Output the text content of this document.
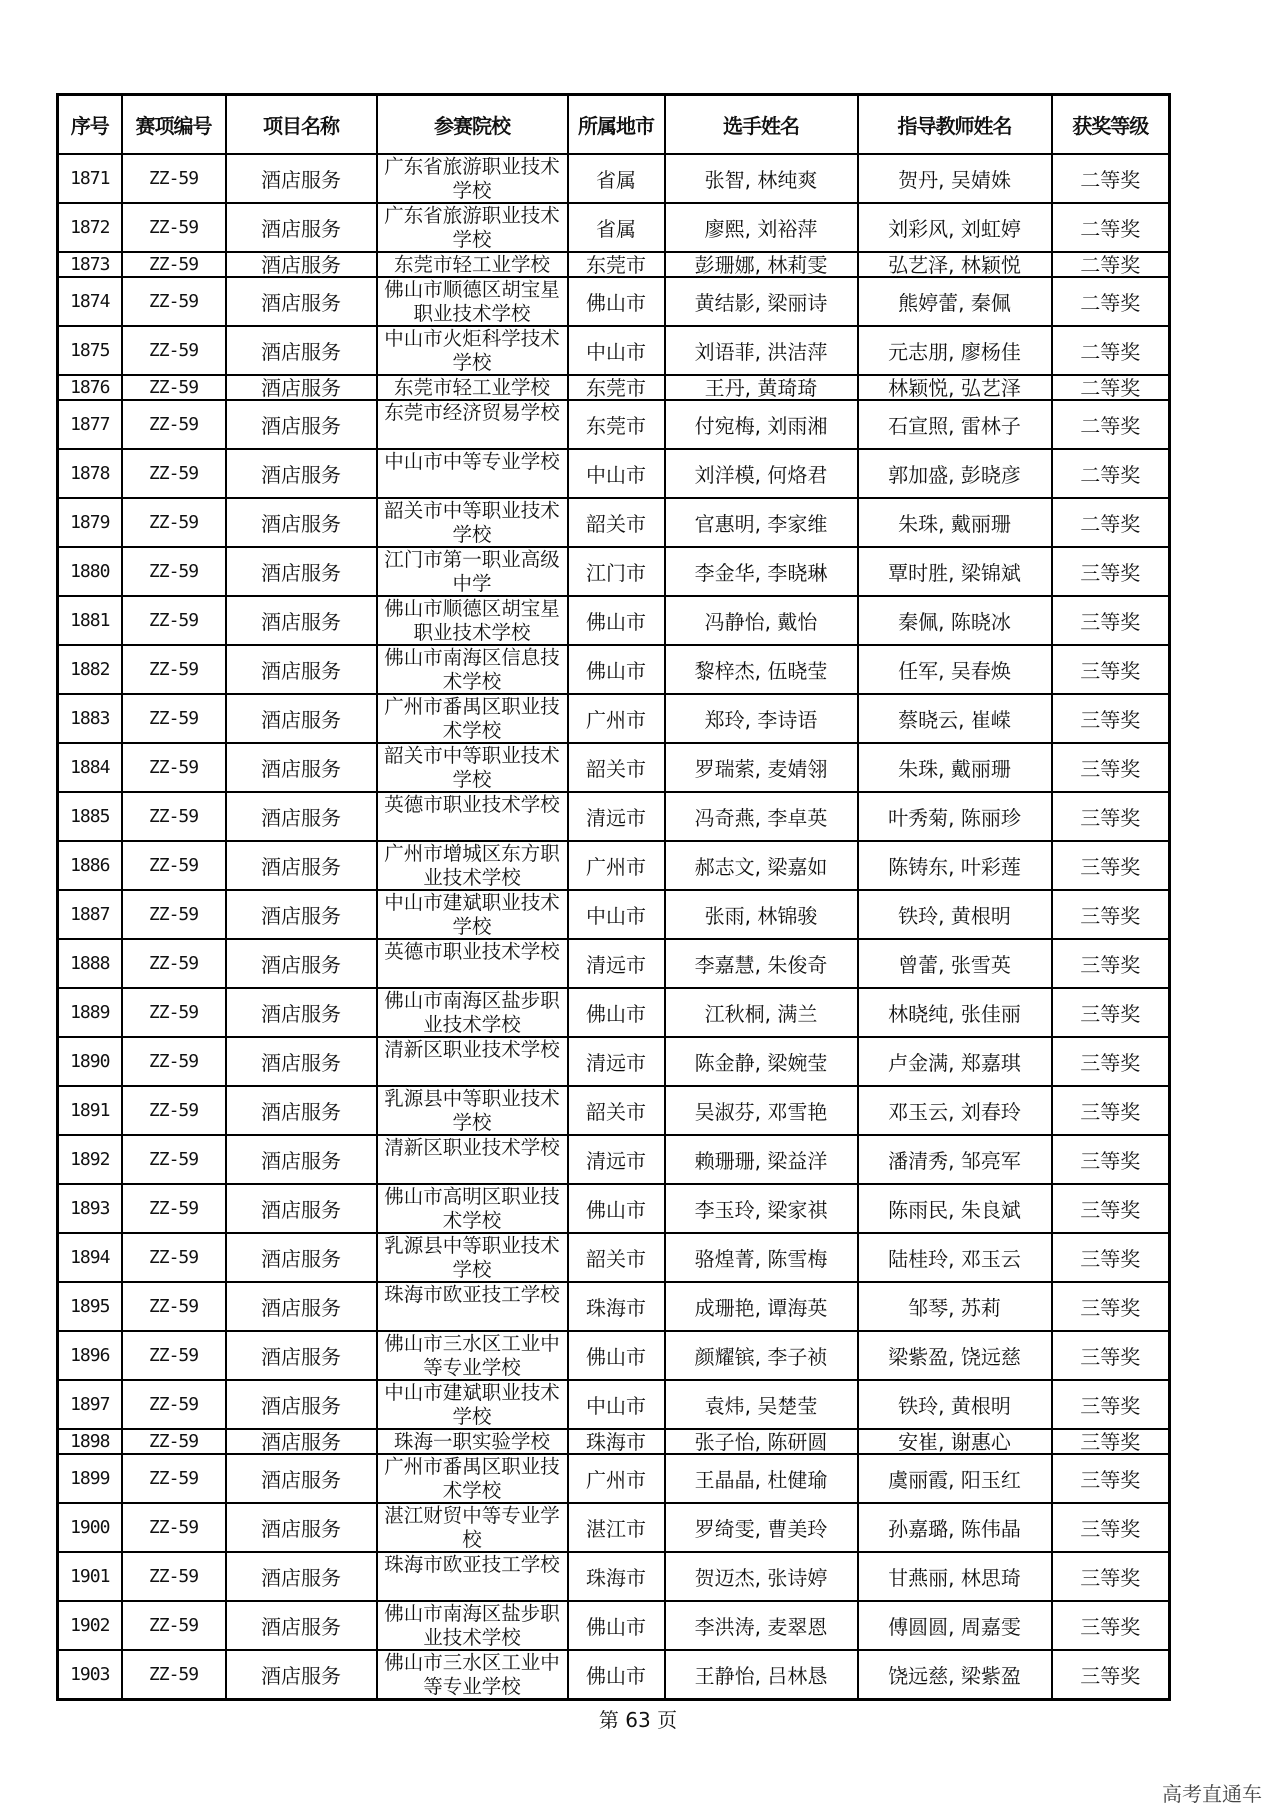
序号	赛项编号	项目名称	参赛院校	所属地市	选手姓名	指导教师姓名	获奖等级
1871	ZZ-59	酒店服务	广东省旅游职业技术学校	省属	张智, 林纯爽	贺丹, 吴婧姝	二等奖
1872	ZZ-59	酒店服务	广东省旅游职业技术学校	省属	廖熙, 刘裕萍	刘彩风, 刘虹婷	二等奖
1873	ZZ-59	酒店服务	东莞市轻工业学校	东莞市	彭珊娜, 林莉雯	弘艺泽, 林颖悦	二等奖
1874	ZZ-59	酒店服务	佛山市顺德区胡宝星职业技术学校	佛山市	黄结影, 梁丽诗	熊婷蕾, 秦佩	二等奖
1875	ZZ-59	酒店服务	中山市火炬科学技术学校	中山市	刘语菲, 洪洁萍	元志朋, 廖杨佳	二等奖
1876	ZZ-59	酒店服务	东莞市轻工业学校	东莞市	王丹, 黄琦琦	林颖悦, 弘艺泽	二等奖
1877	ZZ-59	酒店服务	东莞市经济贸易学校	东莞市	付宛梅, 刘雨湘	石宣照, 雷林子	二等奖
1878	ZZ-59	酒店服务	中山市中等专业学校	中山市	刘洋模, 何烙君	郭加盛, 彭晓彦	二等奖
1879	ZZ-59	酒店服务	韶关市中等职业技术学校	韶关市	官惠明, 李家维	朱珠, 戴丽珊	二等奖
1880	ZZ-59	酒店服务	江门市第一职业高级中学	江门市	李金华, 李晓琳	覃时胜, 梁锦斌	三等奖
1881	ZZ-59	酒店服务	佛山市顺德区胡宝星职业技术学校	佛山市	冯静怡, 戴怡	秦佩, 陈晓冰	三等奖
1882	ZZ-59	酒店服务	佛山市南海区信息技术学校	佛山市	黎梓杰, 伍晓莹	任军, 吴春焕	三等奖
1883	ZZ-59	酒店服务	广州市番禺区职业技术学校	广州市	郑玲, 李诗语	蔡晓云, 崔嵘	三等奖
1884	ZZ-59	酒店服务	韶关市中等职业技术学校	韶关市	罗瑞萦, 麦婧翎	朱珠, 戴丽珊	三等奖
1885	ZZ-59	酒店服务	英德市职业技术学校	清远市	冯奇燕, 李卓英	叶秀菊, 陈丽珍	三等奖
1886	ZZ-59	酒店服务	广州市增城区东方职业技术学校	广州市	郝志文, 梁嘉如	陈铸东, 叶彩莲	三等奖
1887	ZZ-59	酒店服务	中山市建斌职业技术学校	中山市	张雨, 林锦骏	铁玲, 黄根明	三等奖
1888	ZZ-59	酒店服务	英德市职业技术学校	清远市	李嘉慧, 朱俊奇	曾蕾, 张雪英	三等奖
1889	ZZ-59	酒店服务	佛山市南海区盐步职业技术学校	佛山市	江秋桐, 满兰	林晓纯, 张佳丽	三等奖
1890	ZZ-59	酒店服务	清新区职业技术学校	清远市	陈金静, 梁婉莹	卢金满, 郑嘉琪	三等奖
1891	ZZ-59	酒店服务	乳源县中等职业技术学校	韶关市	吴淑芬, 邓雪艳	邓玉云, 刘春玲	三等奖
1892	ZZ-59	酒店服务	清新区职业技术学校	清远市	赖珊珊, 梁益洋	潘清秀, 邹亮军	三等奖
1893	ZZ-59	酒店服务	佛山市高明区职业技术学校	佛山市	李玉玲, 梁家祺	陈雨民, 朱良斌	三等奖
1894	ZZ-59	酒店服务	乳源县中等职业技术学校	韶关市	骆煌菁, 陈雪梅	陆桂玲, 邓玉云	三等奖
1895	ZZ-59	酒店服务	珠海市欧亚技工学校	珠海市	成珊艳, 谭海英	邹琴, 苏莉	三等奖
1896	ZZ-59	酒店服务	佛山市三水区工业中等专业学校	佛山市	颜耀镔, 李子祯	梁紫盈, 饶远慈	三等奖
1897	ZZ-59	酒店服务	中山市建斌职业技术学校	中山市	袁炜, 吴楚莹	铁玲, 黄根明	三等奖
1898	ZZ-59	酒店服务	珠海一职实验学校	珠海市	张子怡, 陈研圆	安崔, 谢惠心	三等奖
1899	ZZ-59	酒店服务	广州市番禺区职业技术学校	广州市	王晶晶, 杜健瑜	虞丽霞, 阳玉红	三等奖
1900	ZZ-59	酒店服务	湛江财贸中等专业学校	湛江市	罗绮雯, 曹美玲	孙嘉璐, 陈伟晶	三等奖
1901	ZZ-59	酒店服务	珠海市欧亚技工学校	珠海市	贺迈杰, 张诗婷	甘燕丽, 林思琦	三等奖
1902	ZZ-59	酒店服务	佛山市南海区盐步职业技术学校	佛山市	李洪涛, 麦翠恩	傅圆圆, 周嘉雯	三等奖
1903	ZZ-59	酒店服务	佛山市三水区工业中等专业学校	佛山市	王静怡, 吕林恳	饶远慈, 梁紫盈	三等奖
第 63 页
高考直通车
